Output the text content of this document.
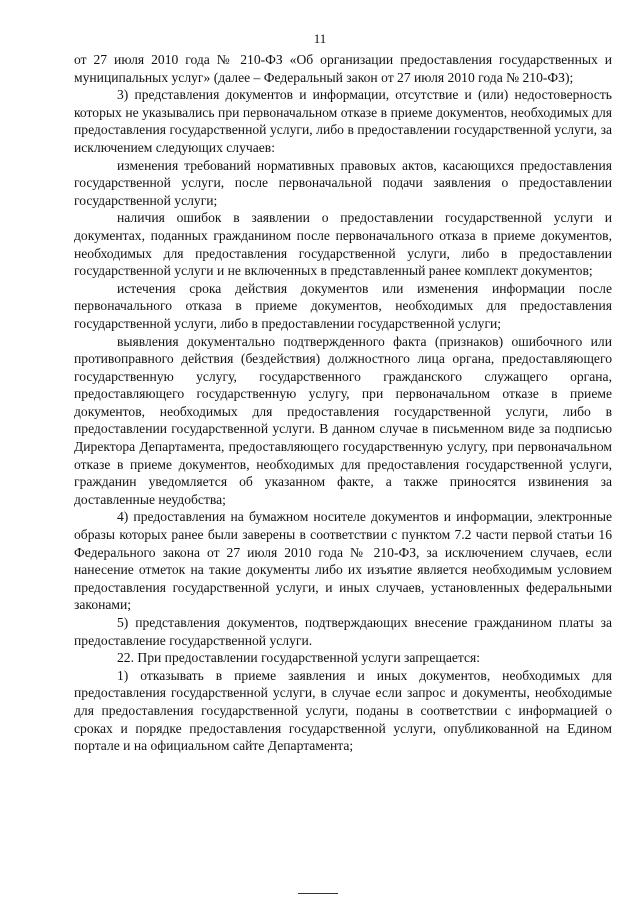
11

от 27 июля 2010 года № 210-ФЗ «Об организации предоставления государственных и муниципальных услуг» (далее – Федеральный закон от 27 июля 2010 года № 210-ФЗ);

3) представления документов и информации, отсутствие и (или) недостоверность которых не указывались при первоначальном отказе в приеме документов, необходимых для предоставления государственной услуги, либо в предоставлении государственной услуги, за исключением следующих случаев:

изменения требований нормативных правовых актов, касающихся предоставления государственной услуги, после первоначальной подачи заявления о предоставлении государственной услуги;

наличия ошибок в заявлении о предоставлении государственной услуги и документах, поданных гражданином после первоначального отказа в приеме документов, необходимых для предоставления государственной услуги, либо в предоставлении государственной услуги и не включенных в представленный ранее комплект документов;

истечения срока действия документов или изменения информации после первоначального отказа в приеме документов, необходимых для предоставления государственной услуги, либо в предоставлении государственной услуги;

выявления документально подтвержденного факта (признаков) ошибочного или противоправного действия (бездействия) должностного лица органа, предоставляющего государственную услугу, государственного гражданского служащего органа, предоставляющего государственную услугу, при первоначальном отказе в приеме документов, необходимых для предоставления государственной услуги, либо в предоставлении государственной услуги. В данном случае в письменном виде за подписью Директора Департамента, предоставляющего государственную услугу, при первоначальном отказе в приеме документов, необходимых для предоставления государственной услуги, гражданин уведомляется об указанном факте, а также приносятся извинения за доставленные неудобства;

4) предоставления на бумажном носителе документов и информации, электронные образы которых ранее были заверены в соответствии с пунктом 7.2 части первой статьи 16 Федерального закона от 27 июля 2010 года № 210-ФЗ, за исключением случаев, если нанесение отметок на такие документы либо их изъятие является необходимым условием предоставления государственной услуги, и иных случаев, установленных федеральными законами;

5) представления документов, подтверждающих внесение гражданином платы за предоставление государственной услуги.

22. При предоставлении государственной услуги запрещается:

1) отказывать в приеме заявления и иных документов, необходимых для предоставления государственной услуги, в случае если запрос и документы, необходимые для предоставления государственной услуги, поданы в соответствии с информацией о сроках и порядке предоставления государственной услуги, опубликованной на Едином портале и на официальном сайте Департамента;
